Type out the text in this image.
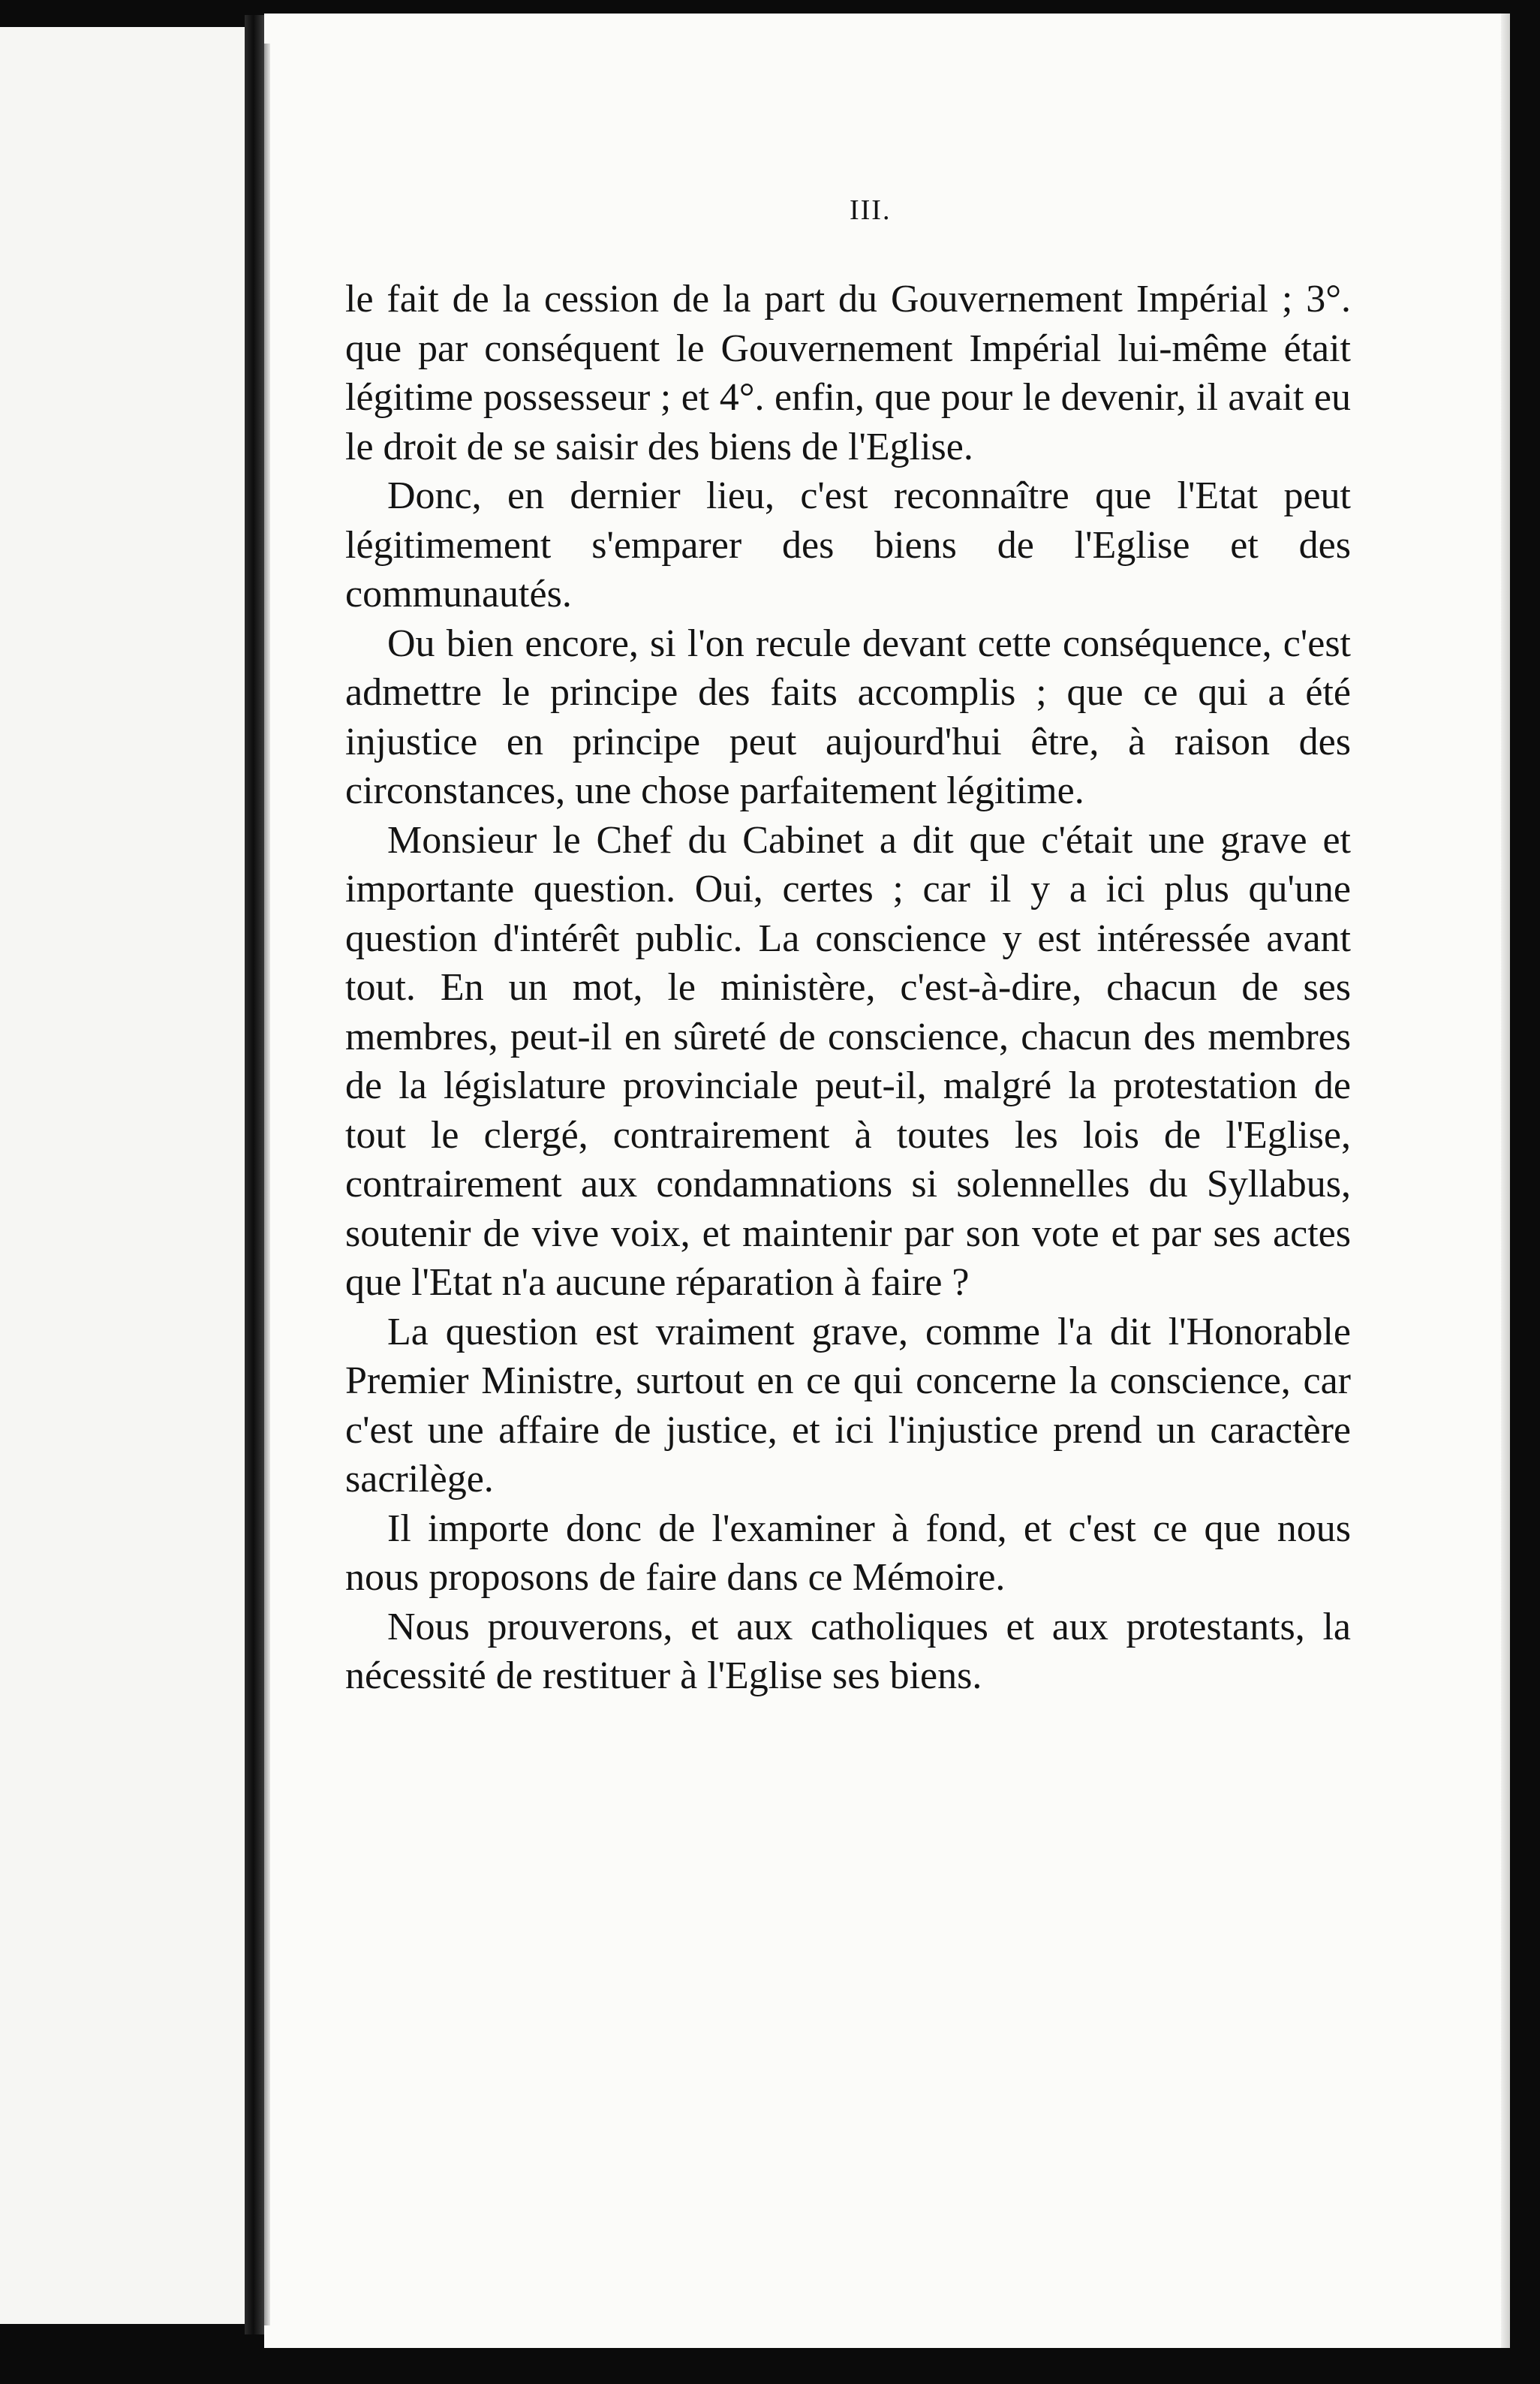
III.

le fait de la cession de la part du Gouvernement Impérial ; 3°. que par conséquent le Gouvernement Impérial lui-même était légitime possesseur ; et 4°. enfin, que pour le devenir, il avait eu le droit de se saisir des biens de l'Eglise.

Donc, en dernier lieu, c'est reconnaître que l'Etat peut légitimement s'emparer des biens de l'Eglise et des communautés.

Ou bien encore, si l'on recule devant cette conséquence, c'est admettre le principe des faits accomplis ; que ce qui a été injustice en principe peut aujourd'hui être, à raison des circonstances, une chose parfaitement légitime.

Monsieur le Chef du Cabinet a dit que c'était une grave et importante question. Oui, certes ; car il y a ici plus qu'une question d'intérêt public. La conscience y est intéressée avant tout. En un mot, le ministère, c'est-à-dire, chacun de ses membres, peut-il en sûreté de conscience, chacun des membres de la législature provinciale peut-il, malgré la protestation de tout le clergé, contrairement à toutes les lois de l'Eglise, contrairement aux condamnations si solennelles du Syllabus, soutenir de vive voix, et maintenir par son vote et par ses actes que l'Etat n'a aucune réparation à faire ?

La question est vraiment grave, comme l'a dit l'Honorable Premier Ministre, surtout en ce qui concerne la conscience, car c'est une affaire de justice, et ici l'injustice prend un caractère sacrilège.

Il importe donc de l'examiner à fond, et c'est ce que nous nous proposons de faire dans ce Mémoire.

Nous prouverons, et aux catholiques et aux protestants, la nécessité de restituer à l'Eglise ses biens.
